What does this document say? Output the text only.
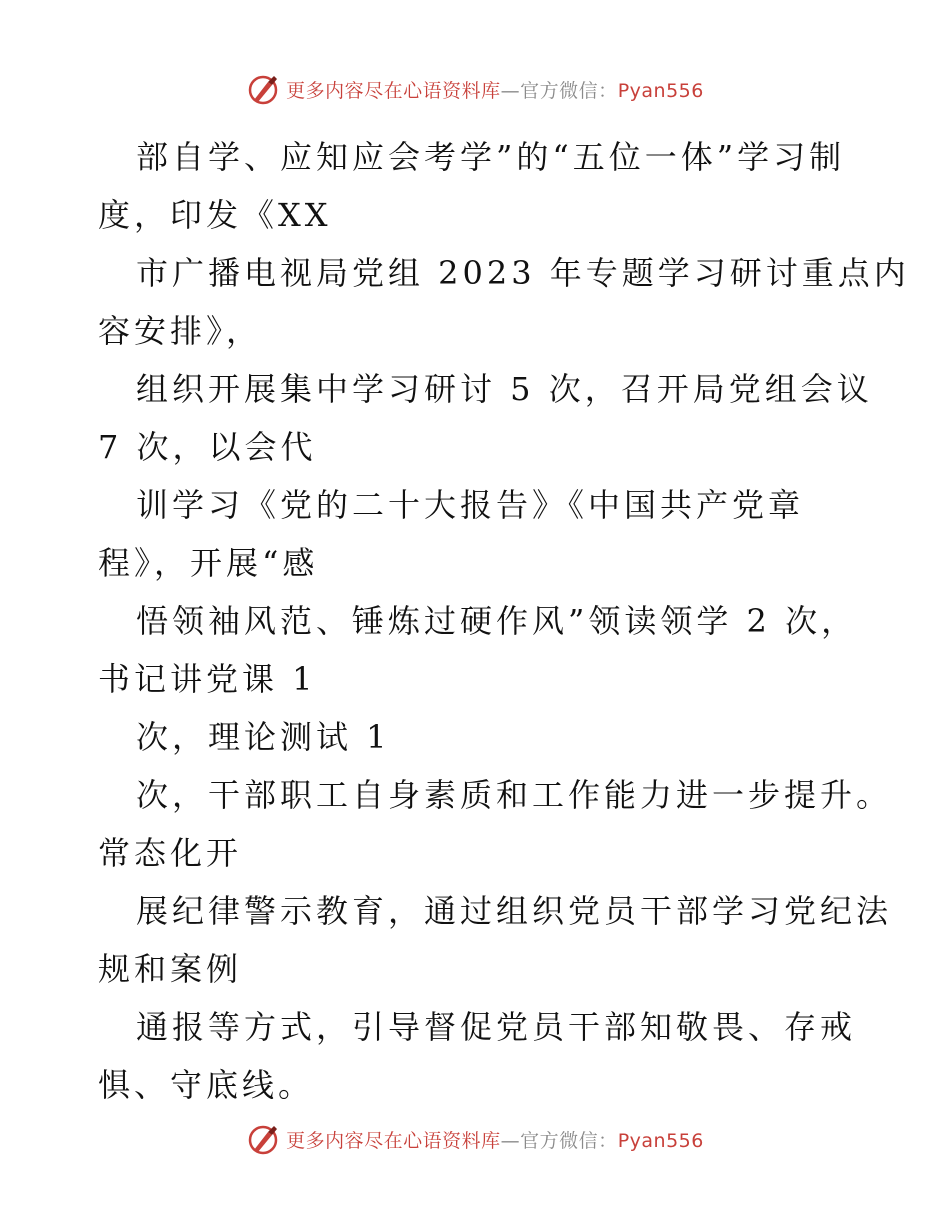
更多内容尽在心语资料库—官方微信：Pyan556
部自学、应知应会考学”的“五位一体”学习制
度，印发《XX
市广播电视局党组 2023 年专题学习研讨重点内
容安排》，
组织开展集中学习研讨 5 次，召开局党组会议
7 次，以会代
训学习《党的二十大报告》《中国共产党章
程》，开展“感
悟领袖风范、锤炼过硬作风”领读领学 2 次，
书记讲党课 1
次，理论测试 1
次，干部职工自身素质和工作能力进一步提升。
常态化开
展纪律警示教育，通过组织党员干部学习党纪法
规和案例
通报等方式，引导督促党员干部知敬畏、存戒
惧、守底线。
更多内容尽在心语资料库—官方微信：Pyan556
